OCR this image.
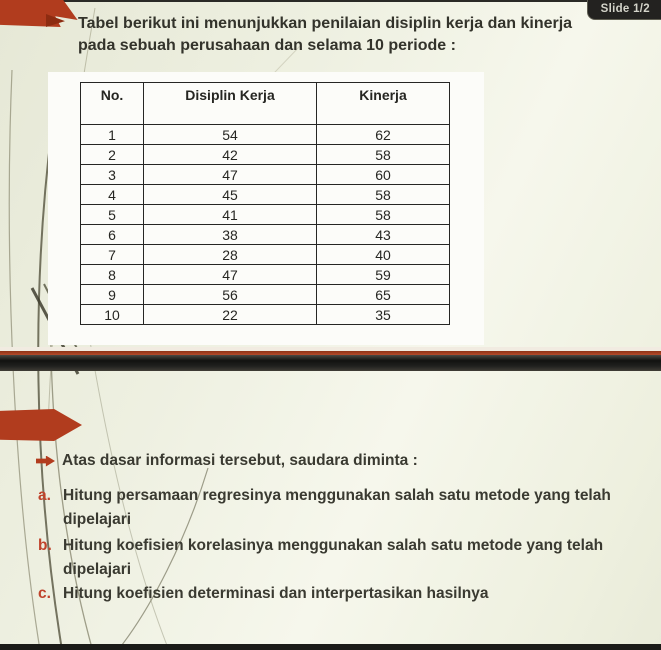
Slide 1/2
Tabel berikut ini menunjukkan penilaian disiplin kerja dan kinerja pada sebuah perusahaan dan selama 10 periode :
No.	Disiplin Kerja	Kinerja
1	54	62
2	42	58
3	47	60
4	45	58
5	41	58
6	38	43
7	28	40
8	47	59
9	56	65
10	22	35
Atas dasar informasi tersebut, saudara diminta :
a. Hitung persamaan regresinya menggunakan salah satu metode yang telah dipelajari
b. Hitung koefisien korelasinya menggunakan salah satu metode yang telah dipelajari
c. Hitung koefisien determinasi dan interpertasikan hasilnya
